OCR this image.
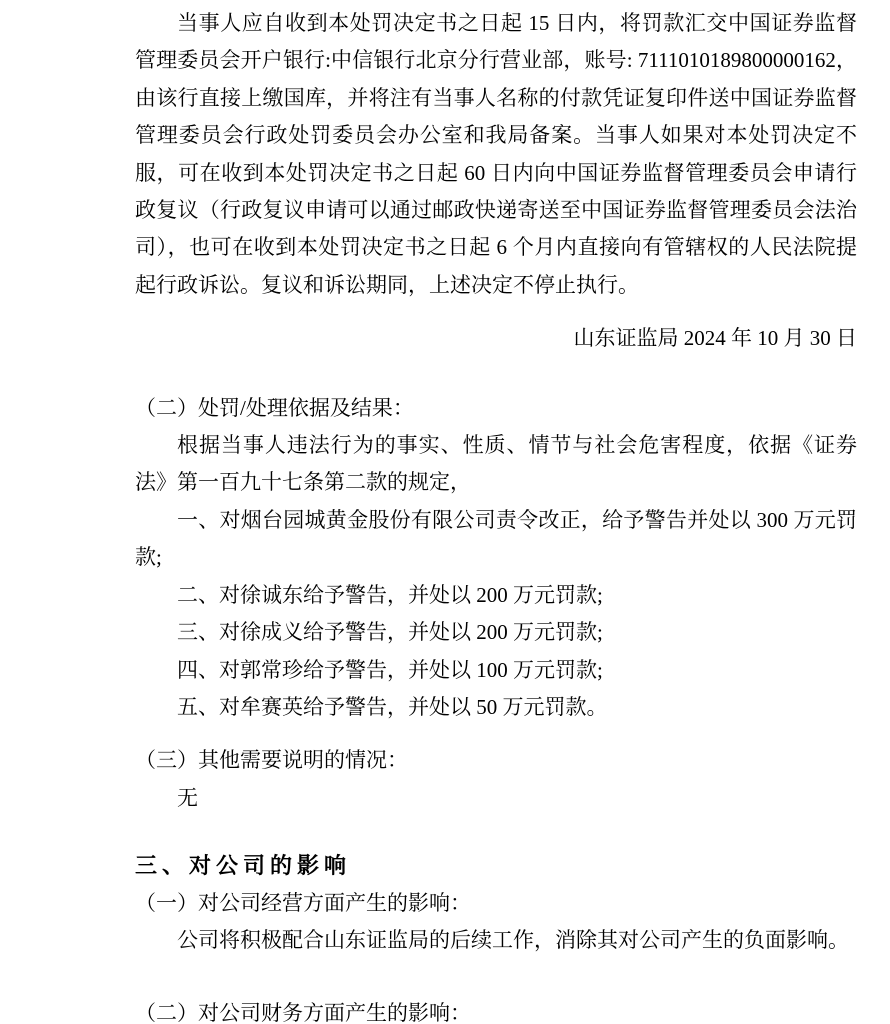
当事人应自收到本处罚决定书之日起 15 日内，将罚款汇交中国证券监督管理委员会开户银行:中信银行北京分行营业部，账号: 7111010189800000162，由该行直接上缴国库，并将注有当事人名称的付款凭证复印件送中国证券监督管理委员会行政处罚委员会办公室和我局备案。当事人如果对本处罚决定不服，可在收到本处罚决定书之日起 60 日内向中国证券监督管理委员会申请行政复议（行政复议申请可以通过邮政快递寄送至中国证券监督管理委员会法治司），也可在收到本处罚决定书之日起 6 个月内直接向有管辖权的人民法院提起行政诉讼。复议和诉讼期同，上述决定不停止执行。

山东证监局 2024 年 10 月 30 日

（二）处罚/处理依据及结果：

根据当事人违法行为的事实、性质、情节与社会危害程度，依据《证券法》第一百九十七条第二款的规定，

一、对烟台园城黄金股份有限公司责令改正，给予警告并处以 300 万元罚款;

二、对徐诚东给予警告，并处以 200 万元罚款;

三、对徐成义给予警告，并处以 200 万元罚款;

四、对郭常珍给予警告，并处以 100 万元罚款;

五、对牟赛英给予警告，并处以 50 万元罚款。

（三）其他需要说明的情况：

无

三、对公司的影响

（一）对公司经营方面产生的影响：

公司将积极配合山东证监局的后续工作，消除其对公司产生的负面影响。

（二）对公司财务方面产生的影响：
